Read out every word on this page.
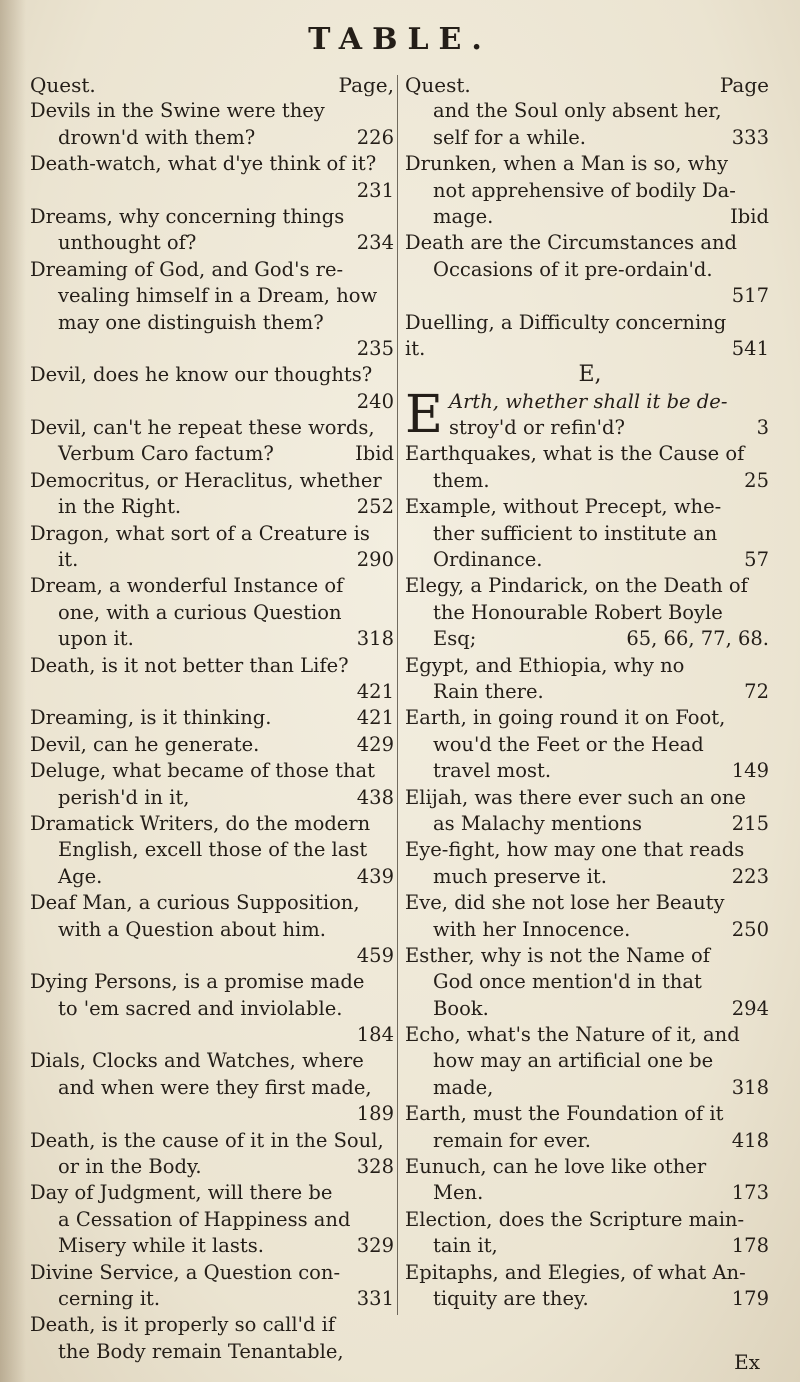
TABLE.
Quest.	Page,
Devils in the Swine were they
drown'd with them?	226
Death-watch, what d'ye think of it?
231
Dreams, why concerning things
unthought of?	234
Dreaming of God, and God's re-
vealing himself in a Dream, how
may one distinguish them?
235
Devil, does he know our thoughts?
240
Devil, can't he repeat these words,
Verbum Caro factum?	Ibid
Democritus, or Heraclitus, whether
in the Right.	252
Dragon, what sort of a Creature is
it.	290
Dream, a wonderful Instance of
one, with a curious Question
upon it.	318
Death, is it not better than Life?
421
Dreaming, is it thinking.	421
Devil, can he generate.	429
Deluge, what became of those that
perish'd in it,	438
Dramatick Writers, do the modern
English, excell those of the last
Age.	439
Deaf Man, a curious Supposition,
with a Question about him.
459
Dying Persons, is a promise made
to 'em sacred and inviolable.
184
Dials, Clocks and Watches, where
and when were they first made,
189
Death, is the cause of it in the Soul,
or in the Body.	328
Day of Judgment, will there be
a Cessation of Happiness and
Misery while it lasts.	329
Divine Service, a Question con-
cerning it.	331
Death, is it properly so call'd if
the Body remain Tenantable,
Quest.	Page
and the Soul only absent her,
self for a while.	333
Drunken, when a Man is so, why
not apprehensive of bodily Da-
mage.	Ibid
Death are the Circumstances and
Occasions of it pre-ordain'd.
517
Duelling, a Difficulty concerning
it.	541
E,
E Arth, whether shall it be de-
stroy'd or refin'd?	3
Earthquakes, what is the Cause of
them.	25
Example, without Precept, whe-
ther sufficient to institute an
Ordinance.	57
Elegy, a Pindarick, on the Death of
the Honourable Robert Boyle
Esq;	65, 66, 77, 68.
Egypt, and Ethiopia, why no
Rain there.	72
Earth, in going round it on Foot,
wou'd the Feet or the Head
travel most.	149
Elijah, was there ever such an one
as Malachy mentions	215
Eye-fight, how may one that reads
much preserve it.	223
Eve, did she not lose her Beauty
with her Innocence.	250
Esther, why is not the Name of
God once mention'd in that
Book.	294
Echo, what's the Nature of it, and
how may an artificial one be
made,	318
Earth, must the Foundation of it
remain for ever.	418
Eunuch, can he love like other
Men.	173
Election, does the Scripture main-
tain it,	178
Epitaphs, and Elegies, of what An-
tiquity are they.	179
Ex
